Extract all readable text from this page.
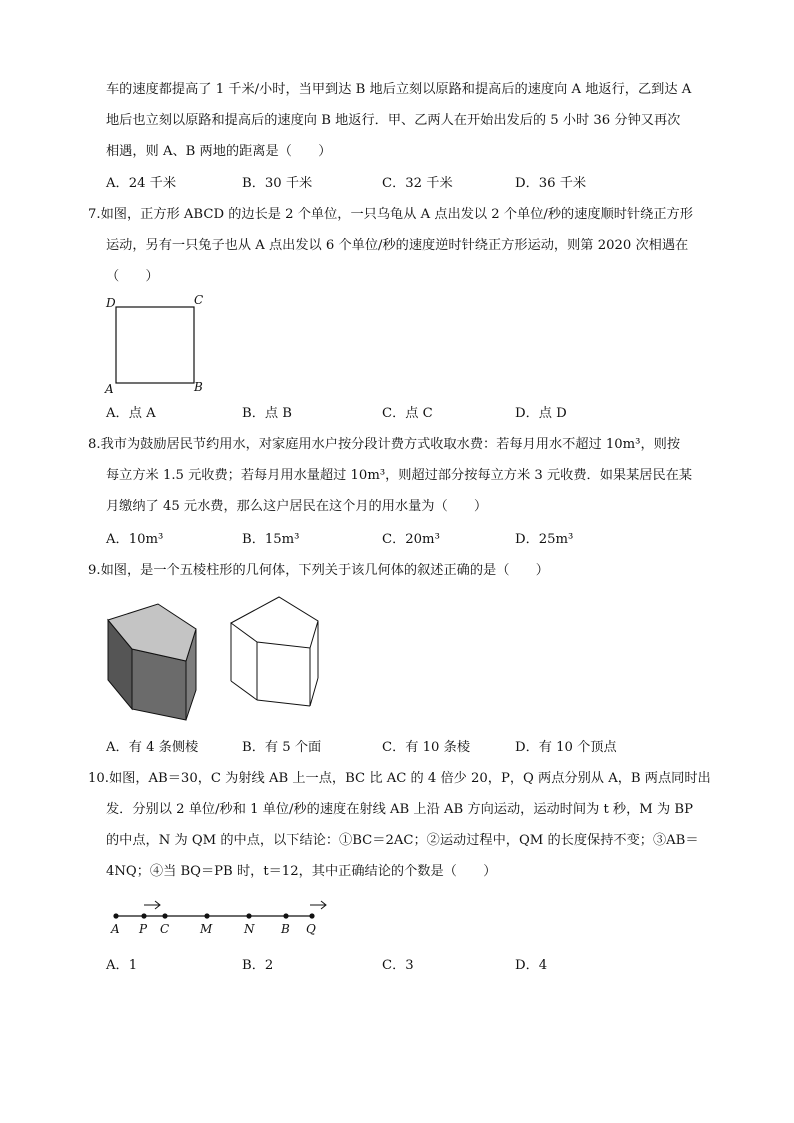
车的速度都提高了 1 千米/小时，当甲到达 B 地后立刻以原路和提高后的速度向 A 地返行，乙到达 A
地后也立刻以原路和提高后的速度向 B 地返行．甲、乙两人在开始出发后的 5 小时 36 分钟又再次
相遇，则 A、B 两地的距离是（　　）
A．24 千米	B．30 千米	C．32 千米	D．36 千米
7.如图，正方形 ABCD 的边长是 2 个单位，一只乌龟从 A 点出发以 2 个单位/秒的速度顺时针绕正方形
运动，另有一只兔子也从 A 点出发以 6 个单位/秒的速度逆时针绕正方形运动，则第 2020 次相遇在
（　　）
D	C
A	B
A．点 A	B．点 B	C．点 C	D．点 D
8.我市为鼓励居民节约用水，对家庭用水户按分段计费方式收取水费：若每月用水不超过 10m³，则按
每立方米 1.5 元收费；若每月用水量超过 10m³，则超过部分按每立方米 3 元收费．如果某居民在某
月缴纳了 45 元水费，那么这户居民在这个月的用水量为（　　）
A．10m³	B．15m³	C．20m³	D．25m³
9.如图，是一个五棱柱形的几何体，下列关于该几何体的叙述正确的是（　　）
A．有 4 条侧棱	B．有 5 个面	C．有 10 条棱	D．有 10 个顶点
10.如图，AB＝30，C 为射线 AB 上一点，BC 比 AC 的 4 倍少 20，P，Q 两点分别从 A，B 两点同时出
发．分别以 2 单位/秒和 1 单位/秒的速度在射线 AB 上沿 AB 方向运动，运动时间为 t 秒，M 为 BP
的中点，N 为 QM 的中点，以下结论：①BC＝2AC；②运动过程中，QM 的长度保持不变；③AB＝
4NQ；④当 BQ＝PB 时，t＝12，其中正确结论的个数是（　　）
A P C	M	N B Q
A．1	B．2	C．3	D．4
